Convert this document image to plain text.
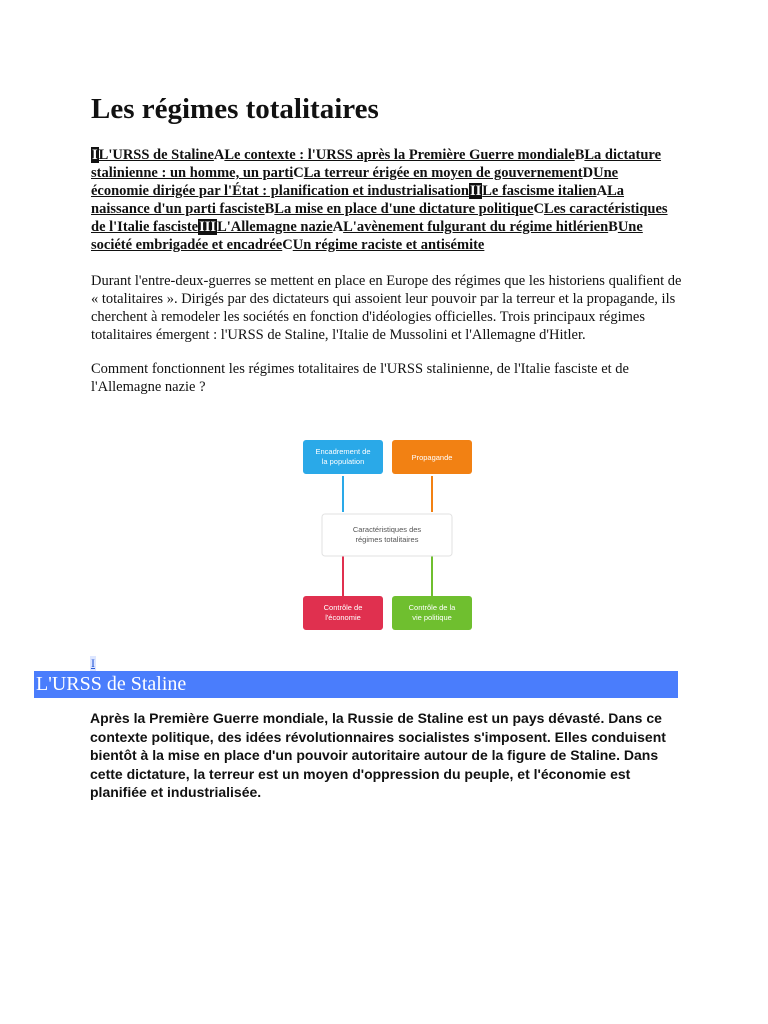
Les régimes totalitaires
IL'URSS de StalineALe contexte : l'URSS après la Première Guerre mondialeBLa dictature stalinienne : un homme, un partiCLa terreur érigée en moyen de gouvernementDUne économie dirigée par l'État : planification et industrialisationIILe fascisme italienALa naissance d'un parti fascisteBLa mise en place d'une dictature politiqueCLes caractéristiques de l'Italie fascisteIIIL'Allemagne nazieAL'avènement fulgurant du régime hitlérienBUne société embrigadée et encadréeCUn régime raciste et antisémite

Durant l'entre-deux-guerres se mettent en place en Europe des régimes que les historiens qualifient de « totalitaires ». Dirigés par des dictateurs qui assoient leur pouvoir par la terreur et la propagande, ils cherchent à remodeler les sociétés en fonction d'idéologies officielles. Trois principaux régimes totalitaires émergent : l'URSS de Staline, l'Italie de Mussolini et l'Allemagne d'Hitler.

Comment fonctionnent les régimes totalitaires de l'URSS stalinienne, de l'Italie fasciste et de l'Allemagne nazie ?

Caractéristiques des
régimes totalitaires
Encadrement de
la population	Propagande
Contrôle de
l'économie
Contrôle de la
vie politique
I
L'URSS de Staline
Après la Première Guerre mondiale, la Russie de Staline est un pays dévasté. Dans ce contexte politique, des idées révolutionnaires socialistes s'imposent. Elles conduisent bientôt à la mise en place d'un pouvoir autoritaire autour de la figure de Staline. Dans cette dictature, la terreur est un moyen d'oppression du peuple, et l'économie est planifiée et industrialisée.
